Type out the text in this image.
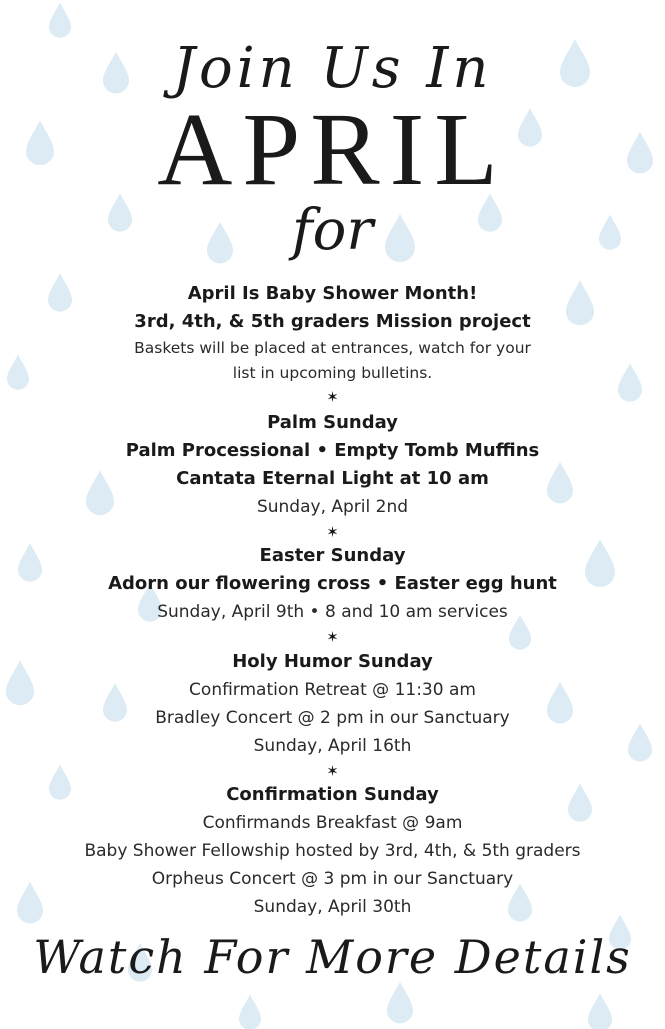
Join Us In
APRIL
for
April Is Baby Shower Month!
3rd, 4th, & 5th graders Mission project
Baskets will be placed at entrances, watch for your
list in upcoming bulletins.
✶
Palm Sunday
Palm Processional • Empty Tomb Muffins
Cantata Eternal Light at 10 am
Sunday, April 2nd
✶
Easter Sunday
Adorn our flowering cross • Easter egg hunt
Sunday, April 9th • 8 and 10 am services
✶
Holy Humor Sunday
Confirmation Retreat @ 11:30 am
Bradley Concert @ 2 pm in our Sanctuary
Sunday, April 16th
✶
Confirmation Sunday
Confirmands Breakfast @ 9am
Baby Shower Fellowship hosted by 3rd, 4th, & 5th graders
Orpheus Concert @ 3 pm in our Sanctuary
Sunday, April 30th
Watch For More Details
